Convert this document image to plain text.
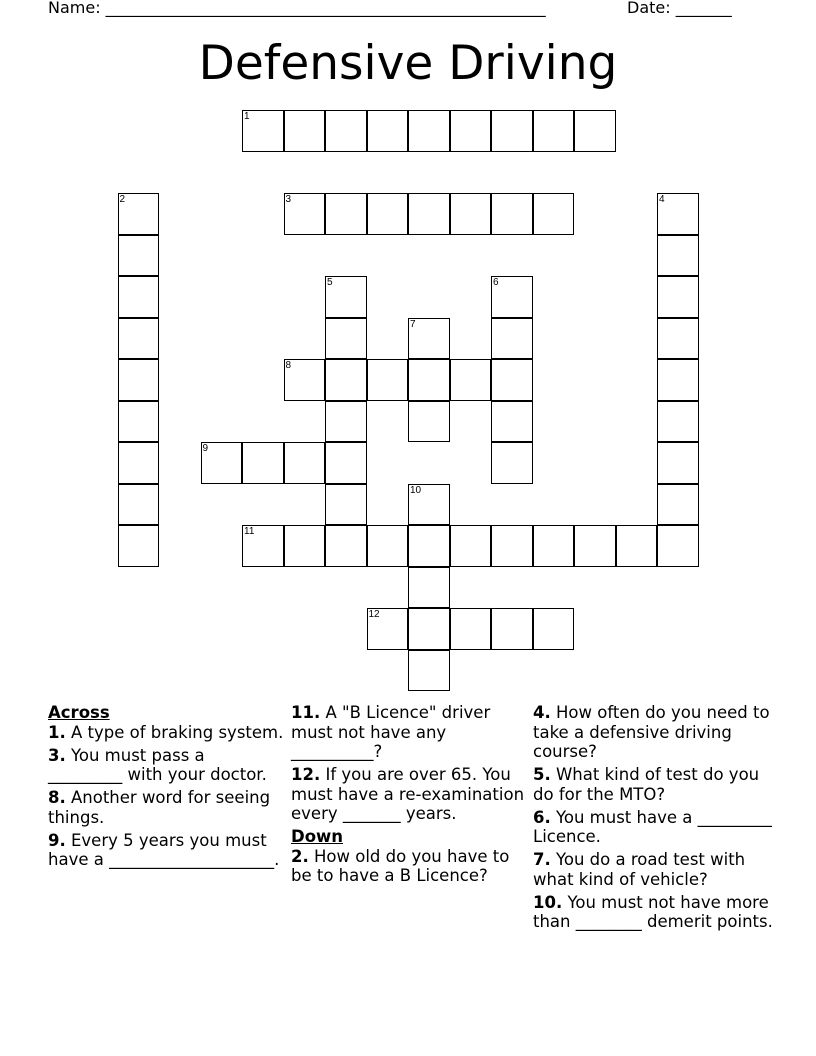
Name: _______________________________________________________	Date: _______
Defensive Driving
1
2	3	4
5	6
7
8
9
10
11
12
Across
1. A type of braking system.
3. You must pass a _________ with your doctor.
8. Another word for seeing things.
9. Every 5 years you must have a ____________________.
11. A "B Licence" driver must not have any __________?
12. If you are over 65. You must have a re-examination every _______ years.
Down
2. How old do you have to be to have a B Licence?
4. How often do you need to take a defensive driving course?
5. What kind of test do you do for the MTO?
6. You must have a _________ Licence.
7. You do a road test with what kind of vehicle?
10. You must not have more than ________ demerit points.
